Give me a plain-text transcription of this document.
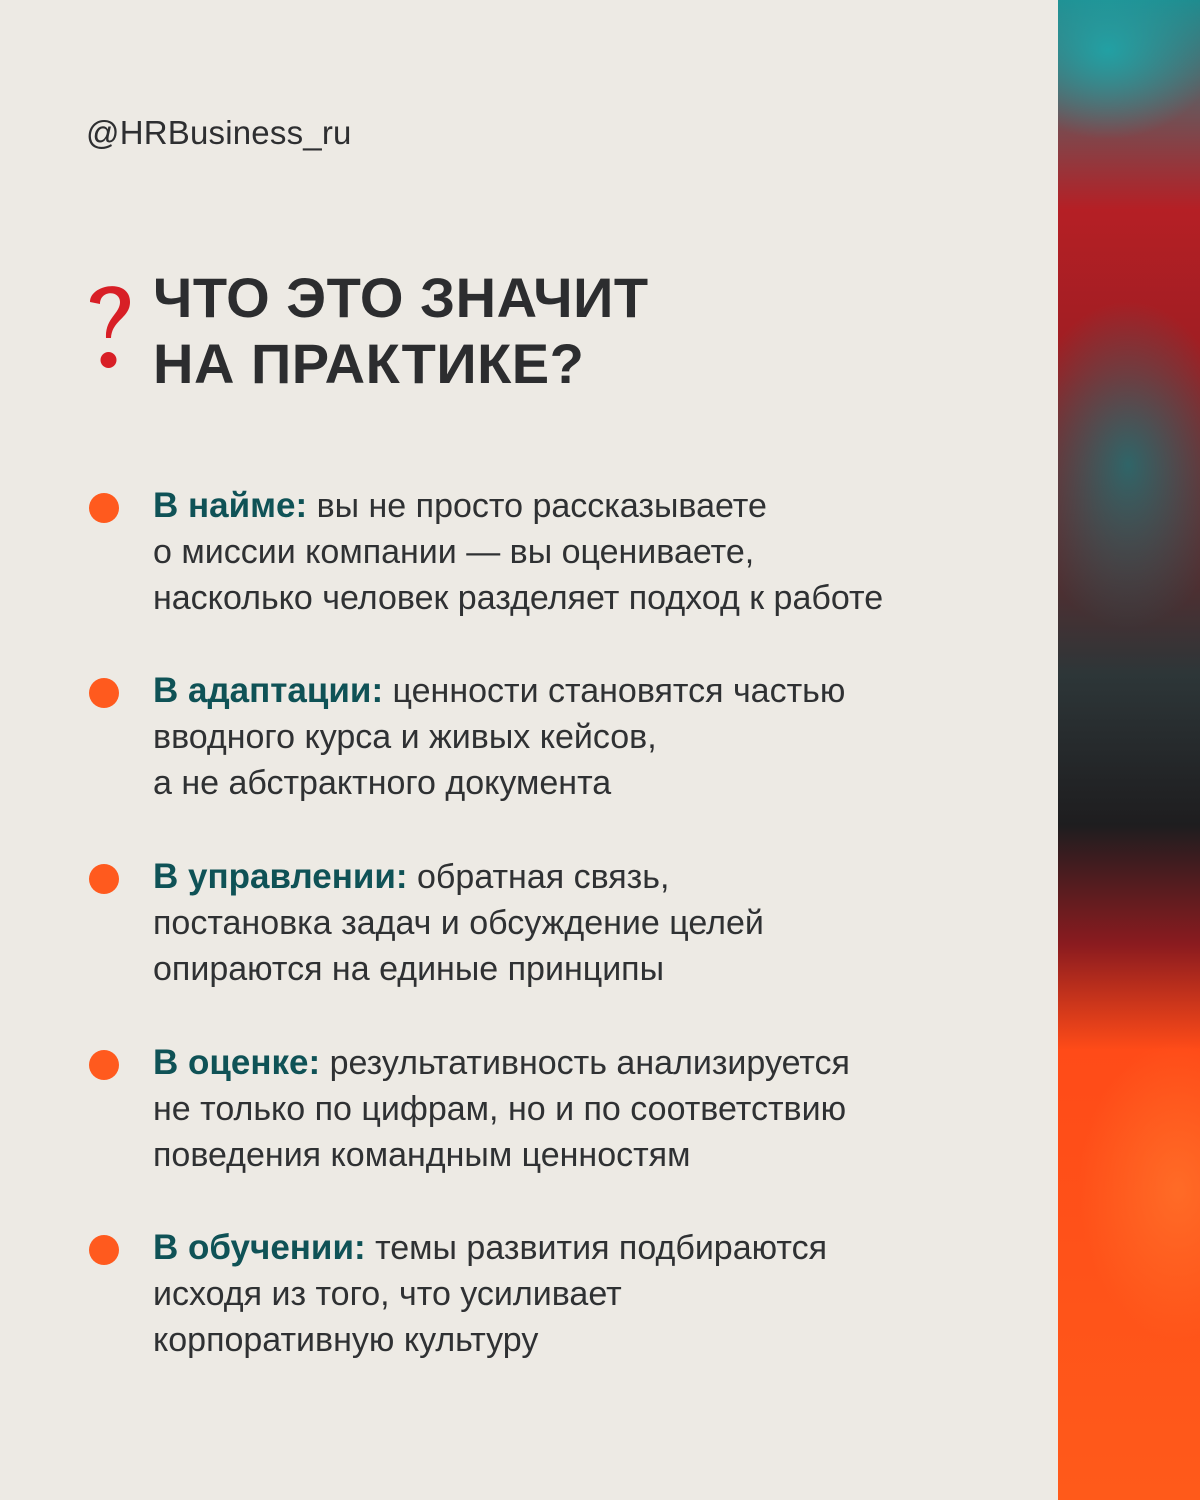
@HRBusiness_ru
ЧТО ЭТО ЗНАЧИТ
НА ПРАКТИКЕ?
В найме: вы не просто рассказываете
о миссии компании — вы оцениваете,
насколько человек разделяет подход к работе
В адаптации: ценности становятся частью
вводного курса и живых кейсов,
а не абстрактного документа
В управлении: обратная связь,
постановка задач и обсуждение целей
опираются на единые принципы
В оценке: результативность анализируется
не только по цифрам, но и по соответствию
поведения командным ценностям
В обучении: темы развития подбираются
исходя из того, что усиливает
корпоративную культуру
